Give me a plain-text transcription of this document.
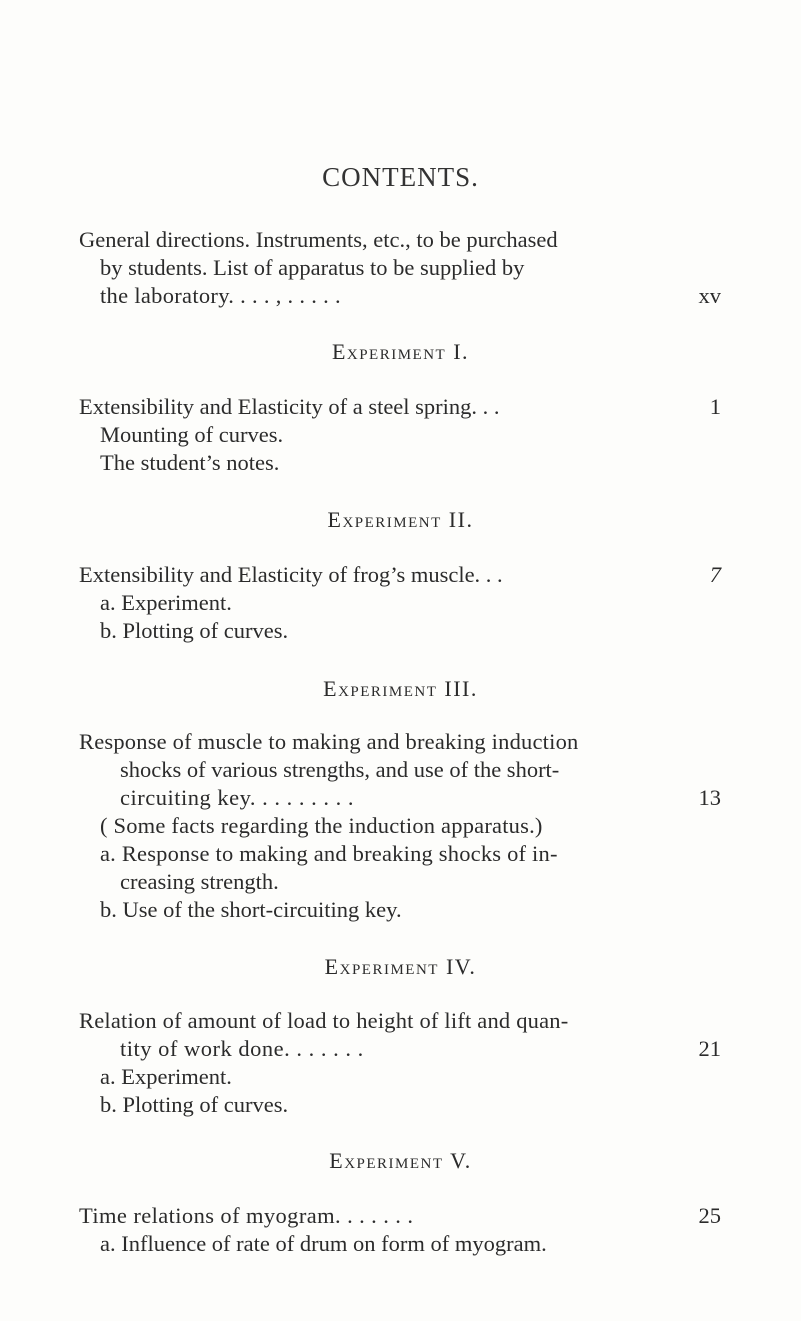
CONTENTS.
General directions. Instruments, etc., to be purchased
by students. List of apparatus to be supplied by
the laboratory. . . . , . . . . .	xv
Experiment I.
Extensibility and Elasticity of a steel spring. . .	1
Mounting of curves.
The student’s notes.
Experiment II.
Extensibility and Elasticity of frog’s muscle. . .	7
a. Experiment.
b. Plotting of curves.
Experiment III.
Response of muscle to making and breaking induction
shocks of various strengths, and use of the short-
circuiting key. . . . . . . . .	13
( Some facts regarding the induction apparatus.)
a. Response to making and breaking shocks of in-
creasing strength.
b. Use of the short-circuiting key.
Experiment IV.
Relation of amount of load to height of lift and quan-
tity of work done. . . . . . .	21
a. Experiment.
b. Plotting of curves.
Experiment V.
Time relations of myogram. . . . . . .	25
a. Influence of rate of drum on form of myogram.
